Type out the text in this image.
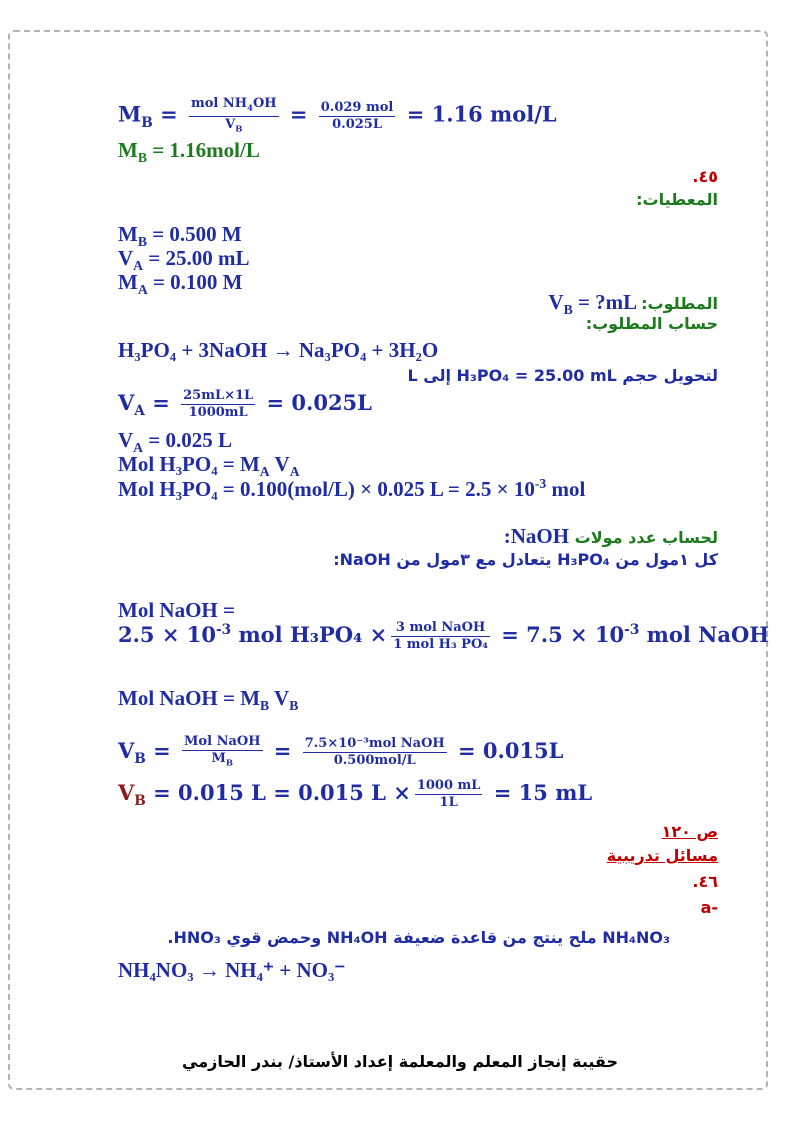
$M_B = \frac{mol NH_4OH}{V_B} = \frac{\text{0.029 mol}}{0.025L} = 1.16$ mol/L
$M_B = 1.16mol/L$
٤٥.
المعطيات:
$M_B = 0.500$ M
$V_A = 25.00$ mL
$M_A = 0.100$ M
المطلوب: $V_B$ = ?mL
حساب المطلوب:
H₃PO₄ + 3NaOH → Na₃PO₄ + 3H₂O
لتحويل حجم H₃PO₄ = 25.00 mL إلى L
$V_A = \frac{25mL\times 1L}{1000mL} = 0.025L$
$V_A = 0.025$ L
Mol $H_3PO_4 = M_A$ $V_A$
Mol H₃PO₄ = 0.100(mol/L) × 0.025 $L = 2.5 \times 10^{-3}$ mol
لحساب عدد مولات NaOH:
كل ١مول من H₃PO₄ يتعادل مع ٣مول من NaOH:
Mol NaOH =
$2.5 \times 10^{-3}$ mol $H_3PO_4 \times \frac{\text{3 mol NaOH}}{\text{1 mol H₃ PO₄}} = 7.5 \times 10^{-3}$ mol NaOH
Mol NaOH = $M_B$ $V_B$
$V_B = \frac{\text{Mol NaOH}}{M_B} = \frac{\text{7.5×10⁻³mol NaOH}}{\text{0.500mol/L}} = 0.015L$
$V_B = 0.015$ L = 0.015 $L \times \frac{1000 mL}{1L} = 15$ mL
ص ١٢٠
مسائل تدريبية
٤٦.
-a
NH₄NO₃ ملح ينتج من قاعدة ضعيفة NH₄OH وحمض قوي HNO₃.
NH₄NO₃ → NH₄⁺ + NO₃⁻
حقيبة إنجاز المعلم والمعلمة إعداد الأستاذ/ بندر الحازمي
